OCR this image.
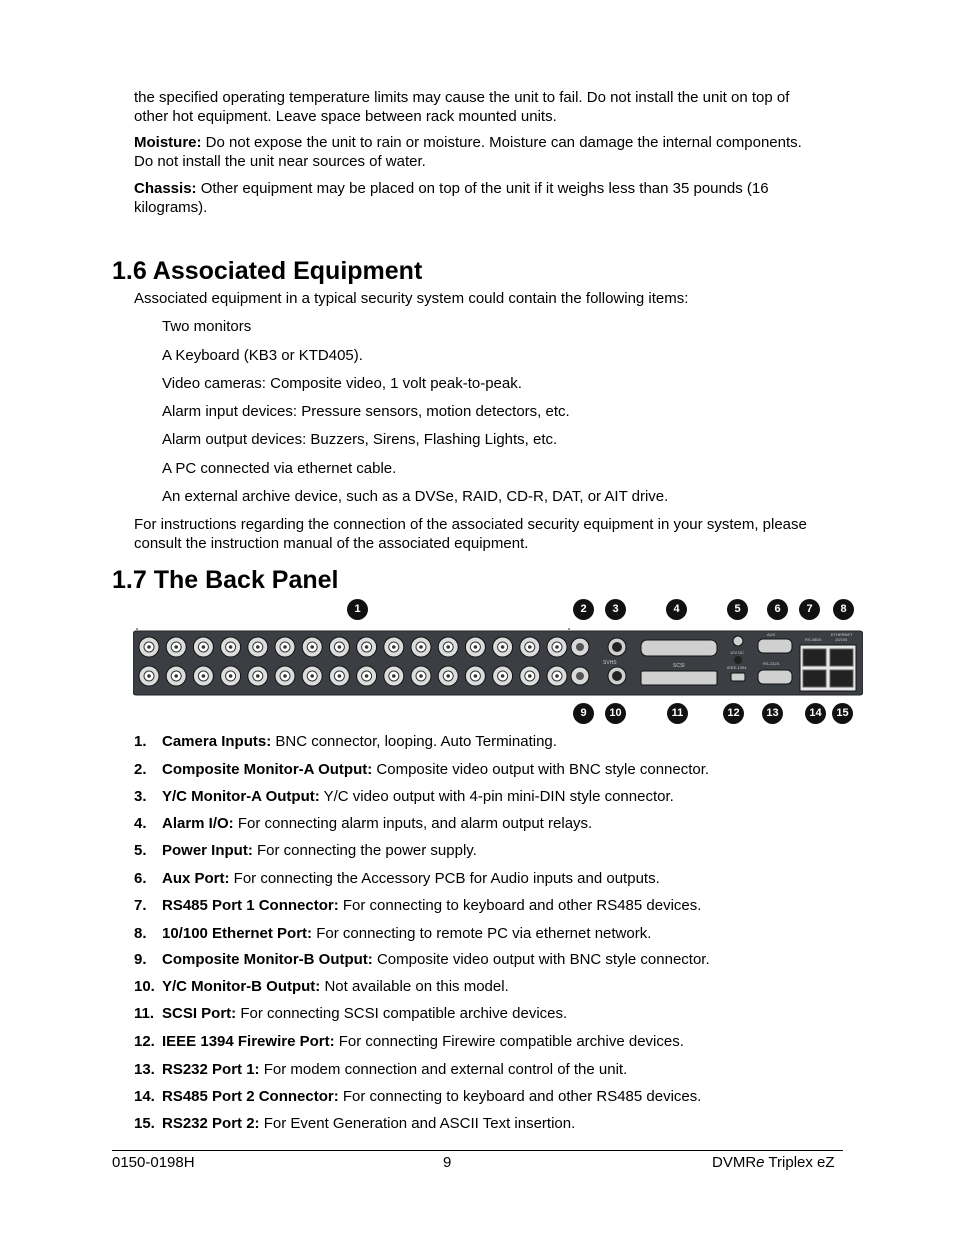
the specified operating temperature limits may cause the unit to fail. Do not install the unit on top of
other hot equipment. Leave space between rack mounted units.

Moisture: Do not expose the unit to rain or moisture. Moisture can damage the internal components.
Do not install the unit near sources of water.

Chassis: Other equipment may be placed on top of the unit if it weighs less than 35 pounds (16
kilograms).

1.6 Associated Equipment

Associated equipment in a typical security system could contain the following items:

Two monitors

A Keyboard (KB3 or KTD405).

Video cameras: Composite video, 1 volt peak-to-peak.

Alarm input devices: Pressure sensors, motion detectors, etc.

Alarm output devices: Buzzers, Sirens, Flashing Lights, etc.

A PC connected via ethernet cable.

An external archive device, such as a DVSe, RAID, CD-R, DAT, or AIT drive.

For instructions regarding the connection of the associated security equipment in your system, please
consult the instruction manual of the associated equipment.

1.7 The Back Panel
1	2	3	4	5	6	7	8
SVHS	SCSI
12V DC
IEEE-1394
AUX
RS-232/1
RS-485/1
ETHERNET
10/100
9	10	11	12	13	14	15

1. Camera Inputs: BNC connector, looping. Auto Terminating.

2. Composite Monitor-A Output: Composite video output with BNC style connector.

3. Y/C Monitor-A Output: Y/C video output with 4-pin mini-DIN style connector.

4. Alarm I/O: For connecting alarm inputs, and alarm output relays.

5. Power Input: For connecting the power supply.

6. Aux Port: For connecting the Accessory PCB for Audio inputs and outputs.

7. RS485 Port 1 Connector: For connecting to keyboard and other RS485 devices.

8. 10/100 Ethernet Port: For connecting to remote PC via ethernet network.

9. Composite Monitor-B Output: Composite video output with BNC style connector.

10. Y/C Monitor-B Output: Not available on this model.

11. SCSI Port: For connecting SCSI compatible archive devices.

12. IEEE 1394 Firewire Port: For connecting Firewire compatible archive devices.

13. RS232 Port 1: For modem connection and external control of the unit.

14. RS485 Port 2 Connector: For connecting to keyboard and other RS485 devices.

15. RS232 Port 2: For Event Generation and ASCII Text insertion.

0150-0198H	9	DVMRe Triplex eZ
